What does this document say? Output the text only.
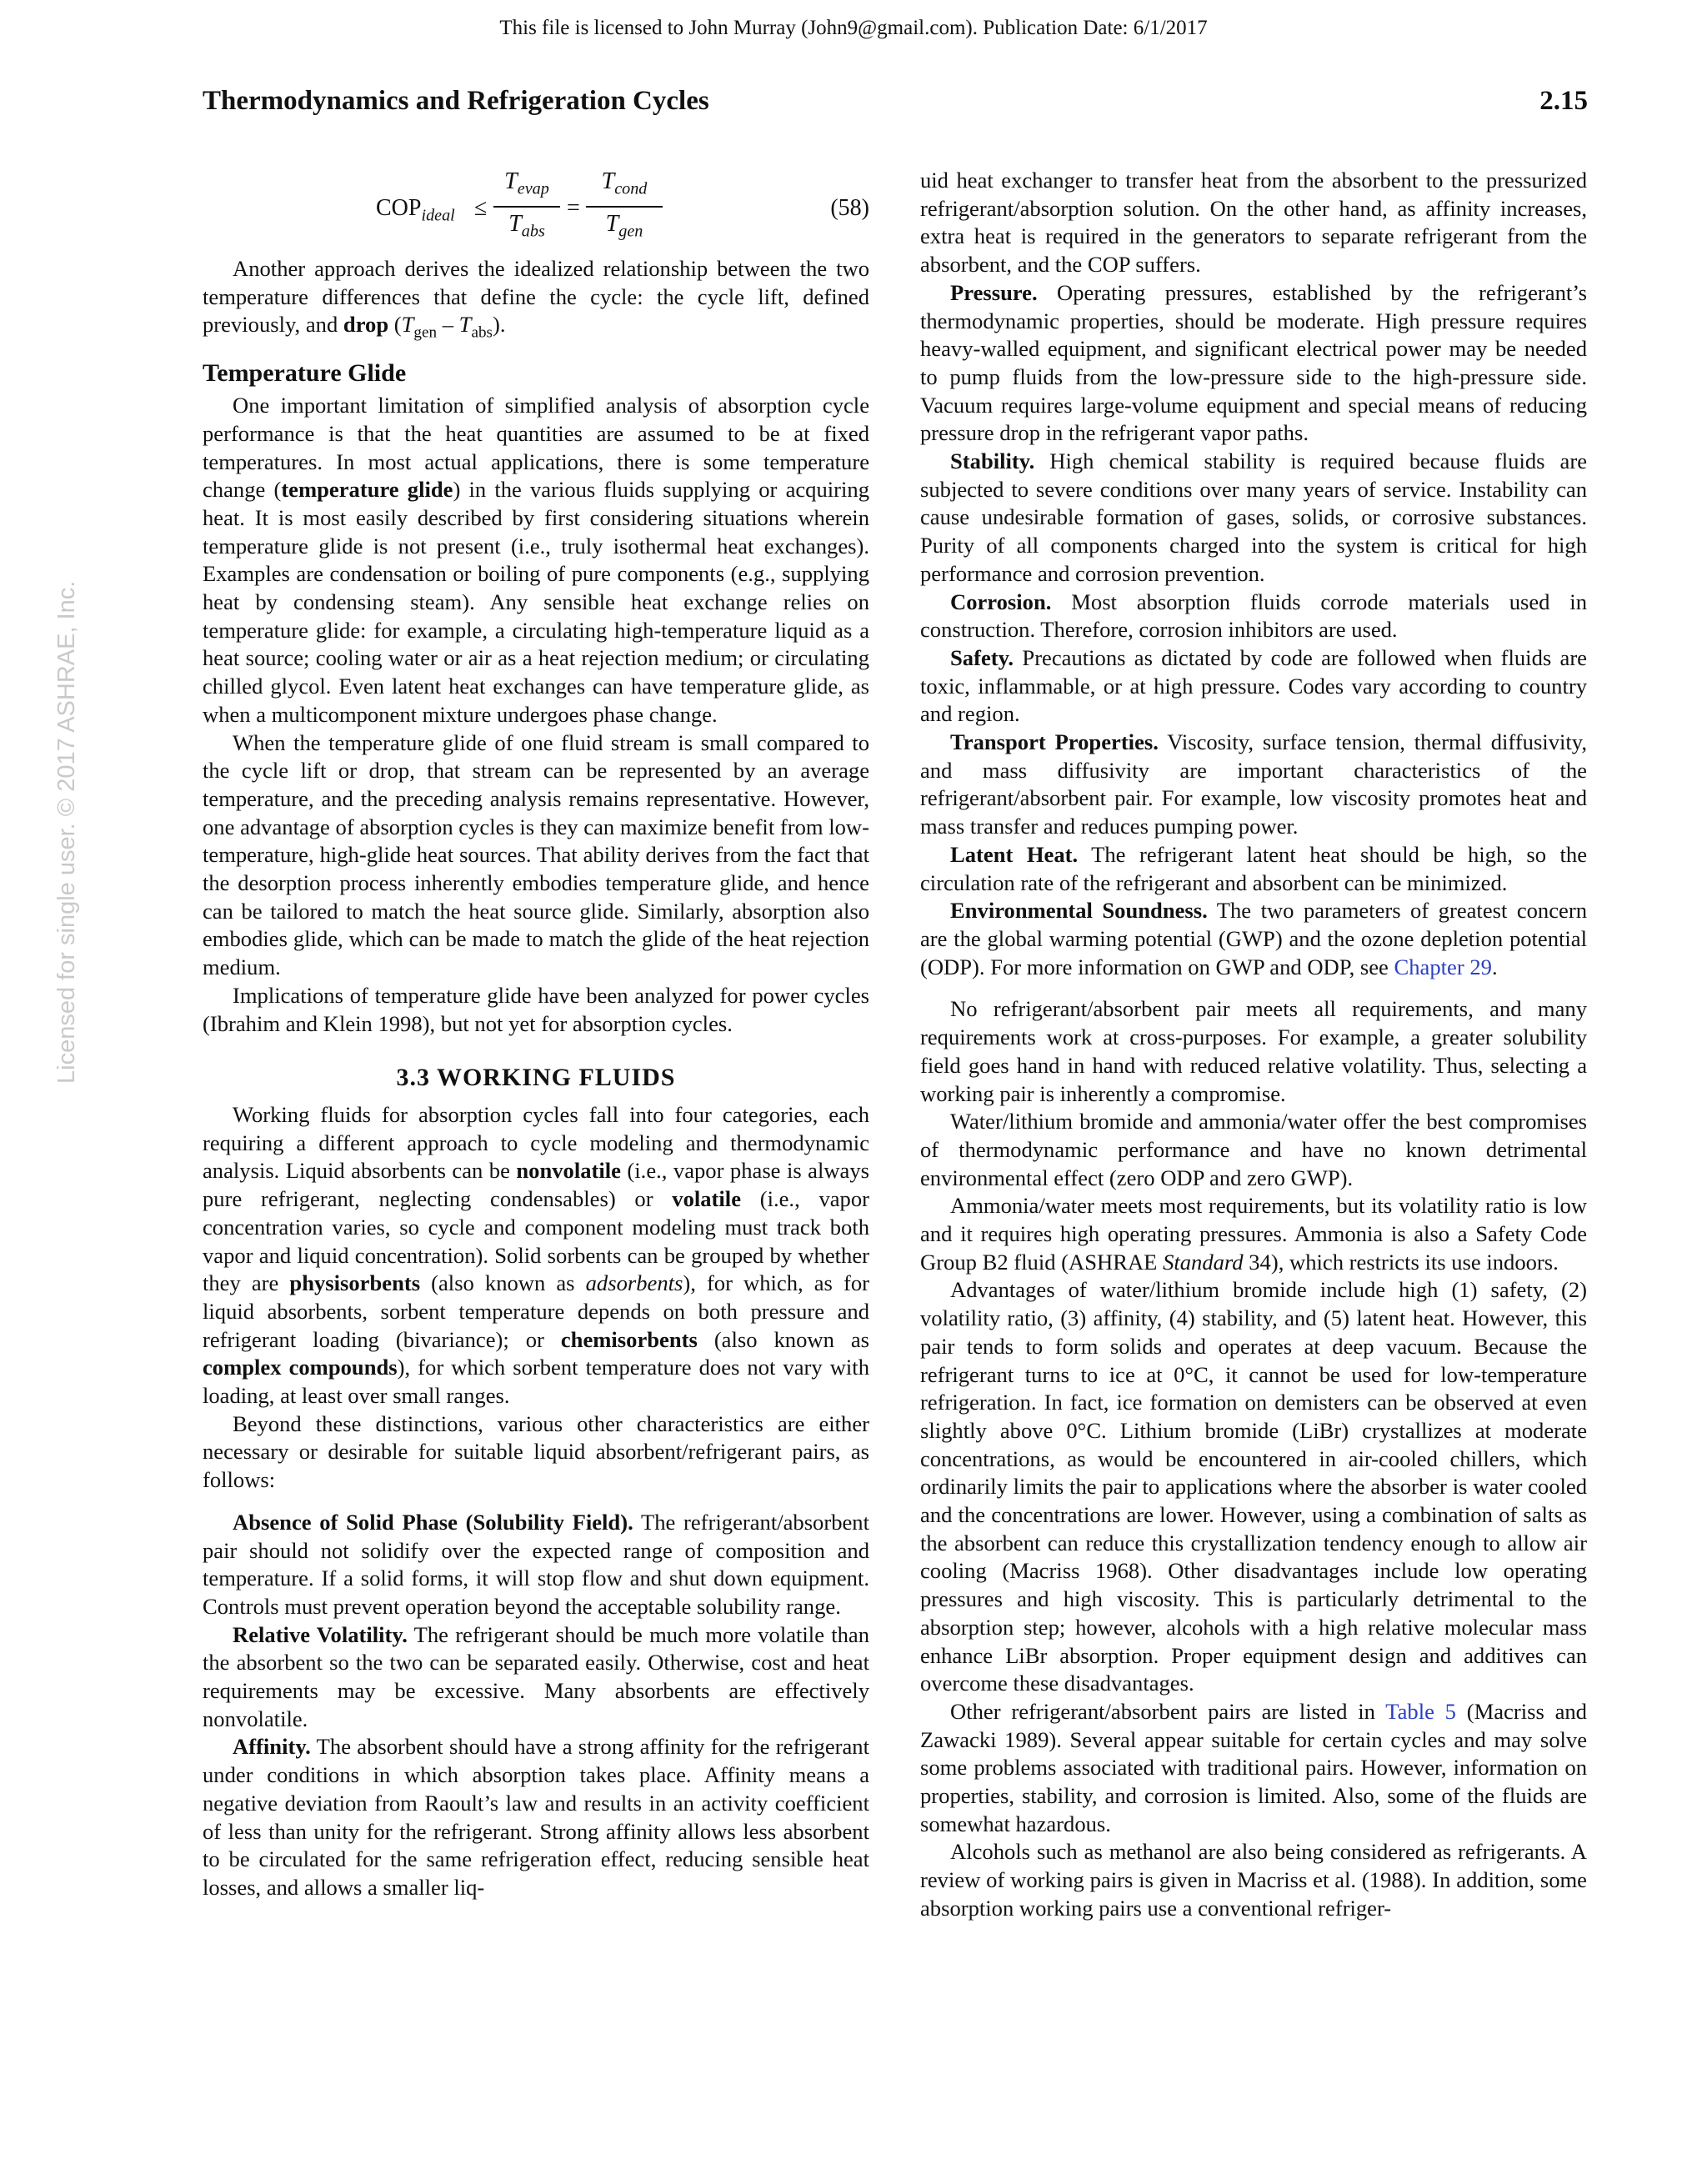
This file is licensed to John Murray (John9@gmail.com). Publication Date: 6/1/2017
Thermodynamics and Refrigeration Cycles	2.15
Licensed for single user. © 2017 ASHRAE, Inc.
$COP_{ideal}$ ≤
$T_{evap}$
$T_{abs}$
=
$T_{cond}$
$T_{gen}$
(58)

Another approach derives the idealized relationship between the two temperature differences that define the cycle: the cycle lift, defined previously, and drop $(T_{gen} - T_{abs})$.

Temperature Glide

One important limitation of simplified analysis of absorption cycle performance is that the heat quantities are assumed to be at fixed temperatures. In most actual applications, there is some temperature change (temperature glide) in the various fluids supplying or acquiring heat. It is most easily described by first considering situations wherein temperature glide is not present (i.e., truly isothermal heat exchanges). Examples are condensation or boiling of pure components (e.g., supplying heat by condensing steam). Any sensible heat exchange relies on temperature glide: for example, a circulating high-temperature liquid as a heat source; cooling water or air as a heat rejection medium; or circulating chilled glycol. Even latent heat exchanges can have temperature glide, as when a multicomponent mixture undergoes phase change.

When the temperature glide of one fluid stream is small compared to the cycle lift or drop, that stream can be represented by an average temperature, and the preceding analysis remains representative. However, one advantage of absorption cycles is they can maximize benefit from low-temperature, high-glide heat sources. That ability derives from the fact that the desorption process inherently embodies temperature glide, and hence can be tailored to match the heat source glide. Similarly, absorption also embodies glide, which can be made to match the glide of the heat rejection medium.

Implications of temperature glide have been analyzed for power cycles (Ibrahim and Klein 1998), but not yet for absorption cycles.

3.3 WORKING FLUIDS

Working fluids for absorption cycles fall into four categories, each requiring a different approach to cycle modeling and thermodynamic analysis. Liquid absorbents can be nonvolatile (i.e., vapor phase is always pure refrigerant, neglecting condensables) or volatile (i.e., vapor concentration varies, so cycle and component modeling must track both vapor and liquid concentration). Solid sorbents can be grouped by whether they are physisorbents (also known as adsorbents), for which, as for liquid absorbents, sorbent temperature depends on both pressure and refrigerant loading (bivariance); or chemisorbents (also known as complex compounds), for which sorbent temperature does not vary with loading, at least over small ranges.

Beyond these distinctions, various other characteristics are either necessary or desirable for suitable liquid absorbent/refrigerant pairs, as follows:

Absence of Solid Phase (Solubility Field). The refrigerant/absorbent pair should not solidify over the expected range of composition and temperature. If a solid forms, it will stop flow and shut down equipment. Controls must prevent operation beyond the acceptable solubility range.

Relative Volatility. The refrigerant should be much more volatile than the absorbent so the two can be separated easily. Otherwise, cost and heat requirements may be excessive. Many absorbents are effectively nonvolatile.

Affinity. The absorbent should have a strong affinity for the refrigerant under conditions in which absorption takes place. Affinity means a negative deviation from Raoult’s law and results in an activity coefficient of less than unity for the refrigerant. Strong affinity allows less absorbent to be circulated for the same refrigeration effect, reducing sensible heat losses, and allows a smaller liq-

uid heat exchanger to transfer heat from the absorbent to the pressurized refrigerant/absorption solution. On the other hand, as affinity increases, extra heat is required in the generators to separate refrigerant from the absorbent, and the COP suffers.

Pressure. Operating pressures, established by the refrigerant’s thermodynamic properties, should be moderate. High pressure requires heavy-walled equipment, and significant electrical power may be needed to pump fluids from the low-pressure side to the high-pressure side. Vacuum requires large-volume equipment and special means of reducing pressure drop in the refrigerant vapor paths.

Stability. High chemical stability is required because fluids are subjected to severe conditions over many years of service. Instability can cause undesirable formation of gases, solids, or corrosive substances. Purity of all components charged into the system is critical for high performance and corrosion prevention.

Corrosion. Most absorption fluids corrode materials used in construction. Therefore, corrosion inhibitors are used.

Safety. Precautions as dictated by code are followed when fluids are toxic, inflammable, or at high pressure. Codes vary according to country and region.

Transport Properties. Viscosity, surface tension, thermal diffusivity, and mass diffusivity are important characteristics of the refrigerant/absorbent pair. For example, low viscosity promotes heat and mass transfer and reduces pumping power.

Latent Heat. The refrigerant latent heat should be high, so the circulation rate of the refrigerant and absorbent can be minimized.

Environmental Soundness. The two parameters of greatest concern are the global warming potential (GWP) and the ozone depletion potential (ODP). For more information on GWP and ODP, see Chapter 29.

No refrigerant/absorbent pair meets all requirements, and many requirements work at cross-purposes. For example, a greater solubility field goes hand in hand with reduced relative volatility. Thus, selecting a working pair is inherently a compromise.

Water/lithium bromide and ammonia/water offer the best compromises of thermodynamic performance and have no known detrimental environmental effect (zero ODP and zero GWP).

Ammonia/water meets most requirements, but its volatility ratio is low and it requires high operating pressures. Ammonia is also a Safety Code Group B2 fluid (ASHRAE Standard 34), which restricts its use indoors.

Advantages of water/lithium bromide include high (1) safety, (2) volatility ratio, (3) affinity, (4) stability, and (5) latent heat. However, this pair tends to form solids and operates at deep vacuum. Because the refrigerant turns to ice at 0°C, it cannot be used for low-temperature refrigeration. In fact, ice formation on demisters can be observed at even slightly above 0°C. Lithium bromide (LiBr) crystallizes at moderate concentrations, as would be encountered in air-cooled chillers, which ordinarily limits the pair to applications where the absorber is water cooled and the concentrations are lower. However, using a combination of salts as the absorbent can reduce this crystallization tendency enough to allow air cooling (Macriss 1968). Other disadvantages include low operating pressures and high viscosity. This is particularly detrimental to the absorption step; however, alcohols with a high relative molecular mass enhance LiBr absorption. Proper equipment design and additives can overcome these disadvantages.

Other refrigerant/absorbent pairs are listed in Table 5 (Macriss and Zawacki 1989). Several appear suitable for certain cycles and may solve some problems associated with traditional pairs. However, information on properties, stability, and corrosion is limited. Also, some of the fluids are somewhat hazardous.

Alcohols such as methanol are also being considered as refrigerants. A review of working pairs is given in Macriss et al. (1988). In addition, some absorption working pairs use a conventional refriger-
